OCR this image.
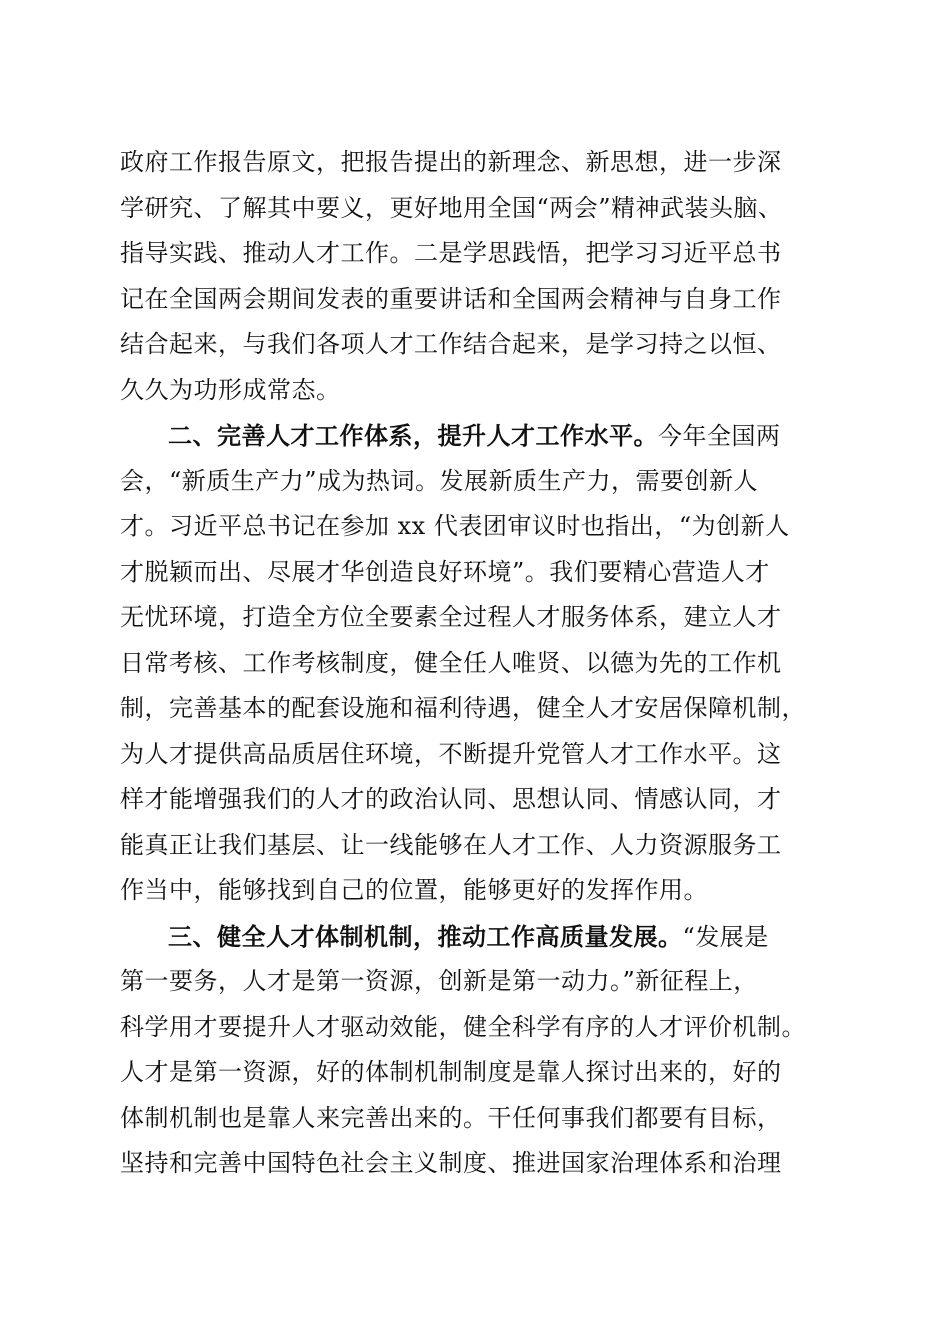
政府工作报告原文，把报告提出的新理念、新思想，进一步深
学研究、了解其中要义，更好地用全国“两会”精神武装头脑、
指导实践、推动人才工作。二是学思践悟，把学习习近平总书
记在全国两会期间发表的重要讲话和全国两会精神与自身工作
结合起来，与我们各项人才工作结合起来，是学习持之以恒、
久久为功形成常态。
二、完善人才工作体系，提升人才工作水平。今年全国两
会，“新质生产力”成为热词。发展新质生产力，需要创新人
才。习近平总书记在参加 xx 代表团审议时也指出，“为创新人
才脱颖而出、尽展才华创造良好环境”。我们要精心营造人才
无忧环境，打造全方位全要素全过程人才服务体系，建立人才
日常考核、工作考核制度，健全任人唯贤、以德为先的工作机
制，完善基本的配套设施和福利待遇，健全人才安居保障机制，
为人才提供高品质居住环境，不断提升党管人才工作水平。这
样才能增强我们的人才的政治认同、思想认同、情感认同，才
能真正让我们基层、让一线能够在人才工作、人力资源服务工
作当中，能够找到自己的位置，能够更好的发挥作用。
三、健全人才体制机制，推动工作高质量发展。“发展是
第一要务，人才是第一资源，创新是第一动力。”新征程上，
科学用才要提升人才驱动效能，健全科学有序的人才评价机制。
人才是第一资源，好的体制机制制度是靠人探讨出来的，好的
体制机制也是靠人来完善出来的。干任何事我们都要有目标，
坚持和完善中国特色社会主义制度、推进国家治理体系和治理
